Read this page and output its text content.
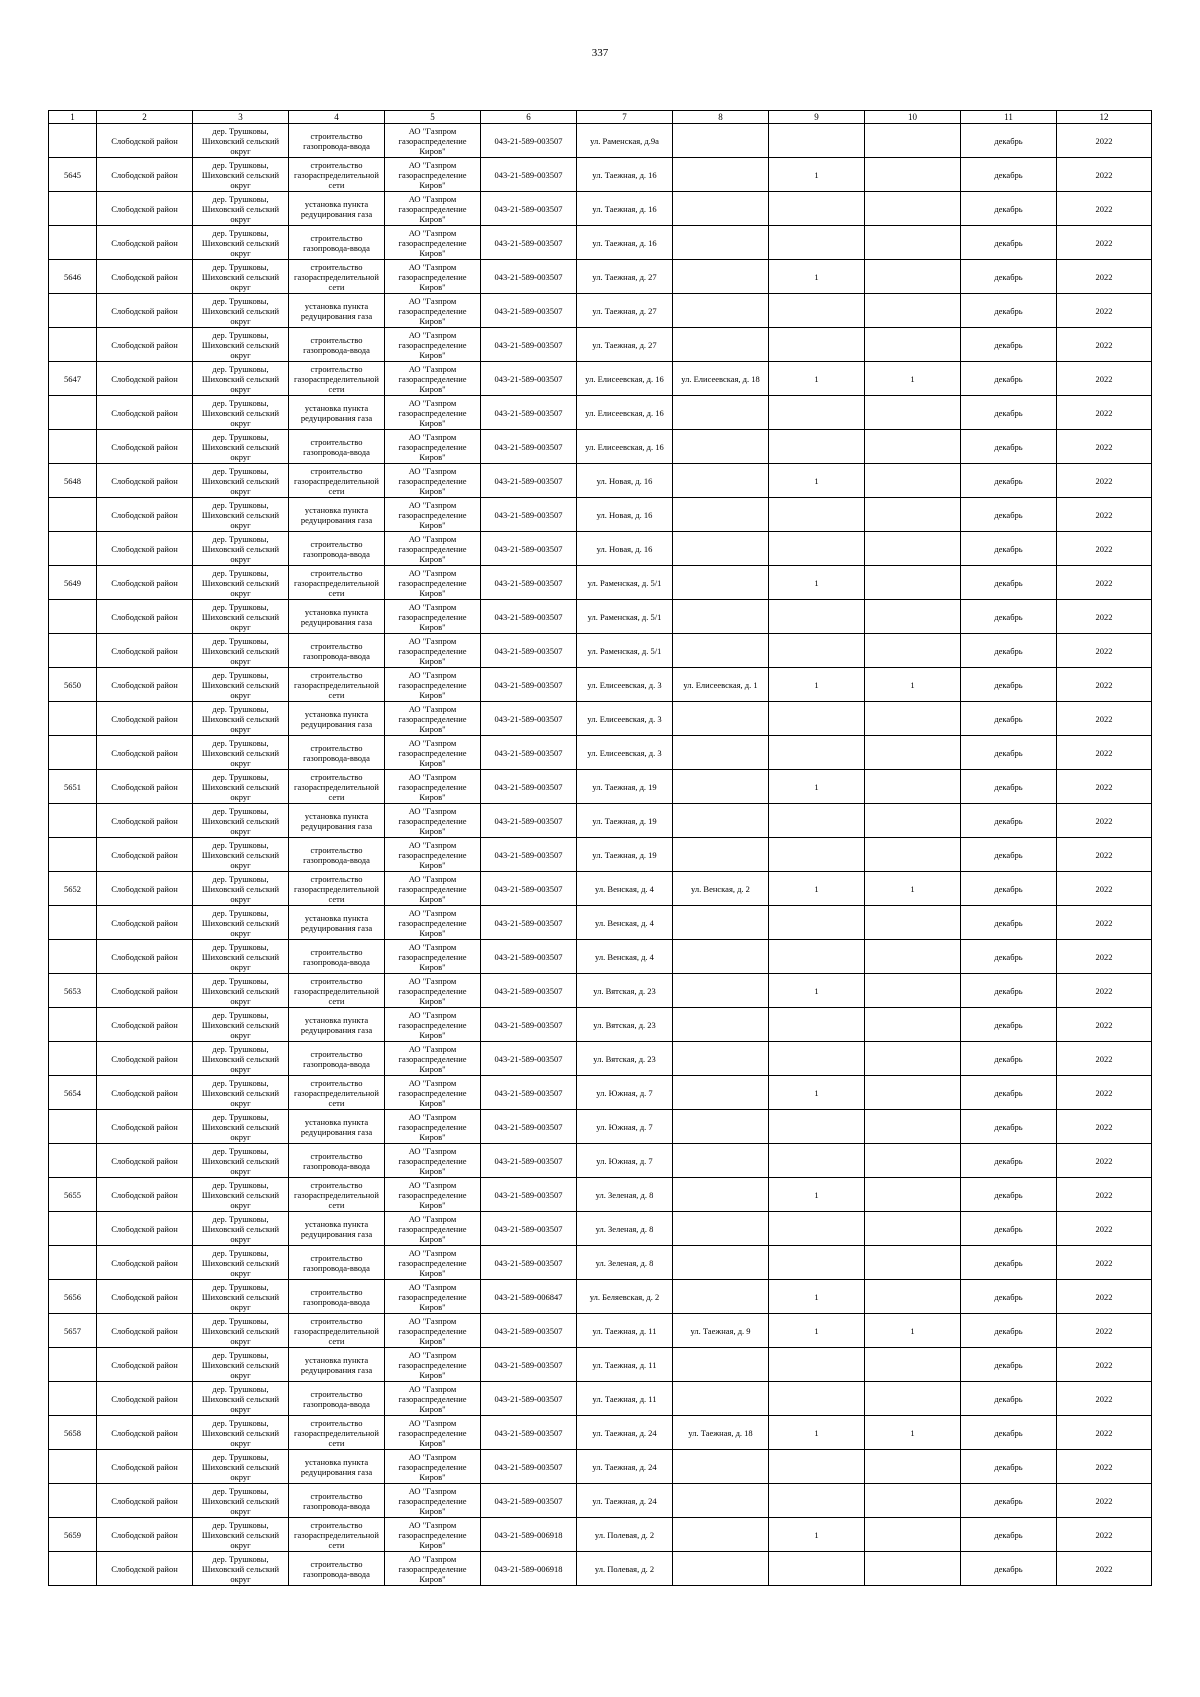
337
1	2	3	4	5	6	7	8	9	10	11	12

	Слободской район	дер. Трушковы, Шиховский сельский округ	строительство газопровода-ввода	АО "Газпром газораспределение Киров"	043-21-589-003507	ул. Раменская, д.9а				декабрь	2022

5645	Слободской район	дер. Трушковы, Шиховский сельский округ	строительство газораспределительной сети	АО "Газпром газораспределение Киров"	043-21-589-003507	ул. Таежная, д. 16		1		декабрь	2022

	Слободской район	дер. Трушковы, Шиховский сельский округ	установка пункта редуцирования газа	АО "Газпром газораспределение Киров"	043-21-589-003507	ул. Таежная, д. 16				декабрь	2022

	Слободской район	дер. Трушковы, Шиховский сельский округ	строительство газопровода-ввода	АО "Газпром газораспределение Киров"	043-21-589-003507	ул. Таежная, д. 16				декабрь	2022

5646	Слободской район	дер. Трушковы, Шиховский сельский округ	строительство газораспределительной сети	АО "Газпром газораспределение Киров"	043-21-589-003507	ул. Таежная, д. 27		1		декабрь	2022

	Слободской район	дер. Трушковы, Шиховский сельский округ	установка пункта редуцирования газа	АО "Газпром газораспределение Киров"	043-21-589-003507	ул. Таежная, д. 27				декабрь	2022

	Слободской район	дер. Трушковы, Шиховский сельский округ	строительство газопровода-ввода	АО "Газпром газораспределение Киров"	043-21-589-003507	ул. Таежная, д. 27				декабрь	2022

5647	Слободской район	дер. Трушковы, Шиховский сельский округ	строительство газораспределительной сети	АО "Газпром газораспределение Киров"	043-21-589-003507	ул. Елисеевская, д. 16	ул. Елисеевская, д. 18	1	1	декабрь	2022

	Слободской район	дер. Трушковы, Шиховский сельский округ	установка пункта редуцирования газа	АО "Газпром газораспределение Киров"	043-21-589-003507	ул. Елисеевская, д. 16				декабрь	2022

	Слободской район	дер. Трушковы, Шиховский сельский округ	строительство газопровода-ввода	АО "Газпром газораспределение Киров"	043-21-589-003507	ул. Елисеевская, д. 16				декабрь	2022

5648	Слободской район	дер. Трушковы, Шиховский сельский округ	строительство газораспределительной сети	АО "Газпром газораспределение Киров"	043-21-589-003507	ул. Новая, д. 16		1		декабрь	2022

	Слободской район	дер. Трушковы, Шиховский сельский округ	установка пункта редуцирования газа	АО "Газпром газораспределение Киров"	043-21-589-003507	ул. Новая, д. 16				декабрь	2022

	Слободской район	дер. Трушковы, Шиховский сельский округ	строительство газопровода-ввода	АО "Газпром газораспределение Киров"	043-21-589-003507	ул. Новая, д. 16				декабрь	2022

5649	Слободской район	дер. Трушковы, Шиховский сельский округ	строительство газораспределительной сети	АО "Газпром газораспределение Киров"	043-21-589-003507	ул. Раменская, д. 5/1		1		декабрь	2022

	Слободской район	дер. Трушковы, Шиховский сельский округ	установка пункта редуцирования газа	АО "Газпром газораспределение Киров"	043-21-589-003507	ул. Раменская, д. 5/1				декабрь	2022

	Слободской район	дер. Трушковы, Шиховский сельский округ	строительство газопровода-ввода	АО "Газпром газораспределение Киров"	043-21-589-003507	ул. Раменская, д. 5/1				декабрь	2022

5650	Слободской район	дер. Трушковы, Шиховский сельский округ	строительство газораспределительной сети	АО "Газпром газораспределение Киров"	043-21-589-003507	ул. Елисеевская, д. 3	ул. Елисеевская, д. 1	1	1	декабрь	2022

	Слободской район	дер. Трушковы, Шиховский сельский округ	установка пункта редуцирования газа	АО "Газпром газораспределение Киров"	043-21-589-003507	ул. Елисеевская, д. 3				декабрь	2022

	Слободской район	дер. Трушковы, Шиховский сельский округ	строительство газопровода-ввода	АО "Газпром газораспределение Киров"	043-21-589-003507	ул. Елисеевская, д. 3				декабрь	2022

5651	Слободской район	дер. Трушковы, Шиховский сельский округ	строительство газораспределительной сети	АО "Газпром газораспределение Киров"	043-21-589-003507	ул. Таежная, д. 19		1		декабрь	2022

	Слободской район	дер. Трушковы, Шиховский сельский округ	установка пункта редуцирования газа	АО "Газпром газораспределение Киров"	043-21-589-003507	ул. Таежная, д. 19				декабрь	2022

	Слободской район	дер. Трушковы, Шиховский сельский округ	строительство газопровода-ввода	АО "Газпром газораспределение Киров"	043-21-589-003507	ул. Таежная, д. 19				декабрь	2022

5652	Слободской район	дер. Трушковы, Шиховский сельский округ	строительство газораспределительной сети	АО "Газпром газораспределение Киров"	043-21-589-003507	ул. Венская, д. 4	ул. Венская, д. 2	1	1	декабрь	2022

	Слободской район	дер. Трушковы, Шиховский сельский округ	установка пункта редуцирования газа	АО "Газпром газораспределение Киров"	043-21-589-003507	ул. Венская, д. 4				декабрь	2022

	Слободской район	дер. Трушковы, Шиховский сельский округ	строительство газопровода-ввода	АО "Газпром газораспределение Киров"	043-21-589-003507	ул. Венская, д. 4				декабрь	2022

5653	Слободской район	дер. Трушковы, Шиховский сельский округ	строительство газораспределительной сети	АО "Газпром газораспределение Киров"	043-21-589-003507	ул. Вятская, д. 23		1		декабрь	2022

	Слободской район	дер. Трушковы, Шиховский сельский округ	установка пункта редуцирования газа	АО "Газпром газораспределение Киров"	043-21-589-003507	ул. Вятская, д. 23				декабрь	2022

	Слободской район	дер. Трушковы, Шиховский сельский округ	строительство газопровода-ввода	АО "Газпром газораспределение Киров"	043-21-589-003507	ул. Вятская, д. 23				декабрь	2022

5654	Слободской район	дер. Трушковы, Шиховский сельский округ	строительство газораспределительной сети	АО "Газпром газораспределение Киров"	043-21-589-003507	ул. Южная, д. 7		1		декабрь	2022

	Слободской район	дер. Трушковы, Шиховский сельский округ	установка пункта редуцирования газа	АО "Газпром газораспределение Киров"	043-21-589-003507	ул. Южная, д. 7				декабрь	2022

	Слободской район	дер. Трушковы, Шиховский сельский округ	строительство газопровода-ввода	АО "Газпром газораспределение Киров"	043-21-589-003507	ул. Южная, д. 7				декабрь	2022

5655	Слободской район	дер. Трушковы, Шиховский сельский округ	строительство газораспределительной сети	АО "Газпром газораспределение Киров"	043-21-589-003507	ул. Зеленая, д. 8		1		декабрь	2022

	Слободской район	дер. Трушковы, Шиховский сельский округ	установка пункта редуцирования газа	АО "Газпром газораспределение Киров"	043-21-589-003507	ул. Зеленая, д. 8				декабрь	2022

	Слободской район	дер. Трушковы, Шиховский сельский округ	строительство газопровода-ввода	АО "Газпром газораспределение Киров"	043-21-589-003507	ул. Зеленая, д. 8				декабрь	2022

5656	Слободской район	дер. Трушковы, Шиховский сельский округ	строительство газопровода-ввода	АО "Газпром газораспределение Киров"	043-21-589-006847	ул. Беляевская, д. 2		1		декабрь	2022

5657	Слободской район	дер. Трушковы, Шиховский сельский округ	строительство газораспределительной сети	АО "Газпром газораспределение Киров"	043-21-589-003507	ул. Таежная, д. 11	ул. Таежная, д. 9	1	1	декабрь	2022

	Слободской район	дер. Трушковы, Шиховский сельский округ	установка пункта редуцирования газа	АО "Газпром газораспределение Киров"	043-21-589-003507	ул. Таежная, д. 11				декабрь	2022

	Слободской район	дер. Трушковы, Шиховский сельский округ	строительство газопровода-ввода	АО "Газпром газораспределение Киров"	043-21-589-003507	ул. Таежная, д. 11				декабрь	2022

5658	Слободской район	дер. Трушковы, Шиховский сельский округ	строительство газораспределительной сети	АО "Газпром газораспределение Киров"	043-21-589-003507	ул. Таежная, д. 24	ул. Таежная, д. 18	1	1	декабрь	2022

	Слободской район	дер. Трушковы, Шиховский сельский округ	установка пункта редуцирования газа	АО "Газпром газораспределение Киров"	043-21-589-003507	ул. Таежная, д. 24				декабрь	2022

	Слободской район	дер. Трушковы, Шиховский сельский округ	строительство газопровода-ввода	АО "Газпром газораспределение Киров"	043-21-589-003507	ул. Таежная, д. 24				декабрь	2022

5659	Слободской район	дер. Трушковы, Шиховский сельский округ	строительство газораспределительной сети	АО "Газпром газораспределение Киров"	043-21-589-006918	ул. Полевая, д. 2		1		декабрь	2022

	Слободской район	дер. Трушковы, Шиховский сельский округ	строительство газопровода-ввода	АО "Газпром газораспределение Киров"	043-21-589-006918	ул. Полевая, д. 2				декабрь	2022
